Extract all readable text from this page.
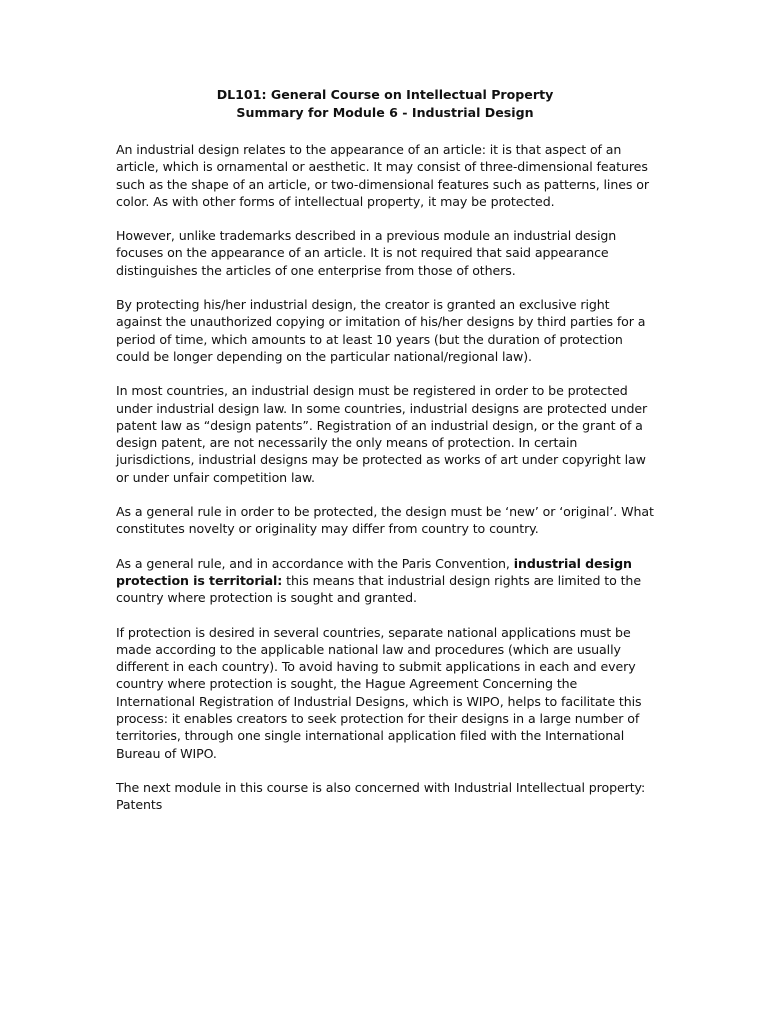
DL101: General Course on Intellectual Property
Summary for Module 6 - Industrial Design

An industrial design relates to the appearance of an article: it is that aspect of an article, which is ornamental or aesthetic. It may consist of three-dimensional features such as the shape of an article, or two-dimensional features such as patterns, lines or color. As with other forms of intellectual property, it may be protected.

However, unlike trademarks described in a previous module an industrial design focuses on the appearance of an article. It is not required that said appearance distinguishes the articles of one enterprise from those of others.

By protecting his/her industrial design, the creator is granted an exclusive right against the unauthorized copying or imitation of his/her designs by third parties for a period of time, which amounts to at least 10 years (but the duration of protection could be longer depending on the particular national/regional law).

In most countries, an industrial design must be registered in order to be protected under industrial design law. In some countries, industrial designs are protected under patent law as “design patents”. Registration of an industrial design, or the grant of a design patent, are not necessarily the only means of protection. In certain jurisdictions, industrial designs may be protected as works of art under copyright law or under unfair competition law.

As a general rule in order to be protected, the design must be ‘new’ or ‘original’. What constitutes novelty or originality may differ from country to country.

As a general rule, and in accordance with the Paris Convention, industrial design protection is territorial: this means that industrial design rights are limited to the country where protection is sought and granted.

If protection is desired in several countries, separate national applications must be made according to the applicable national law and procedures (which are usually different in each country). To avoid having to submit applications in each and every country where protection is sought, the Hague Agreement Concerning the International Registration of Industrial Designs, which is WIPO, helps to facilitate this process: it enables creators to seek protection for their designs in a large number of territories, through one single international application filed with the International Bureau of WIPO.

The next module in this course is also concerned with Industrial Intellectual property: Patents
